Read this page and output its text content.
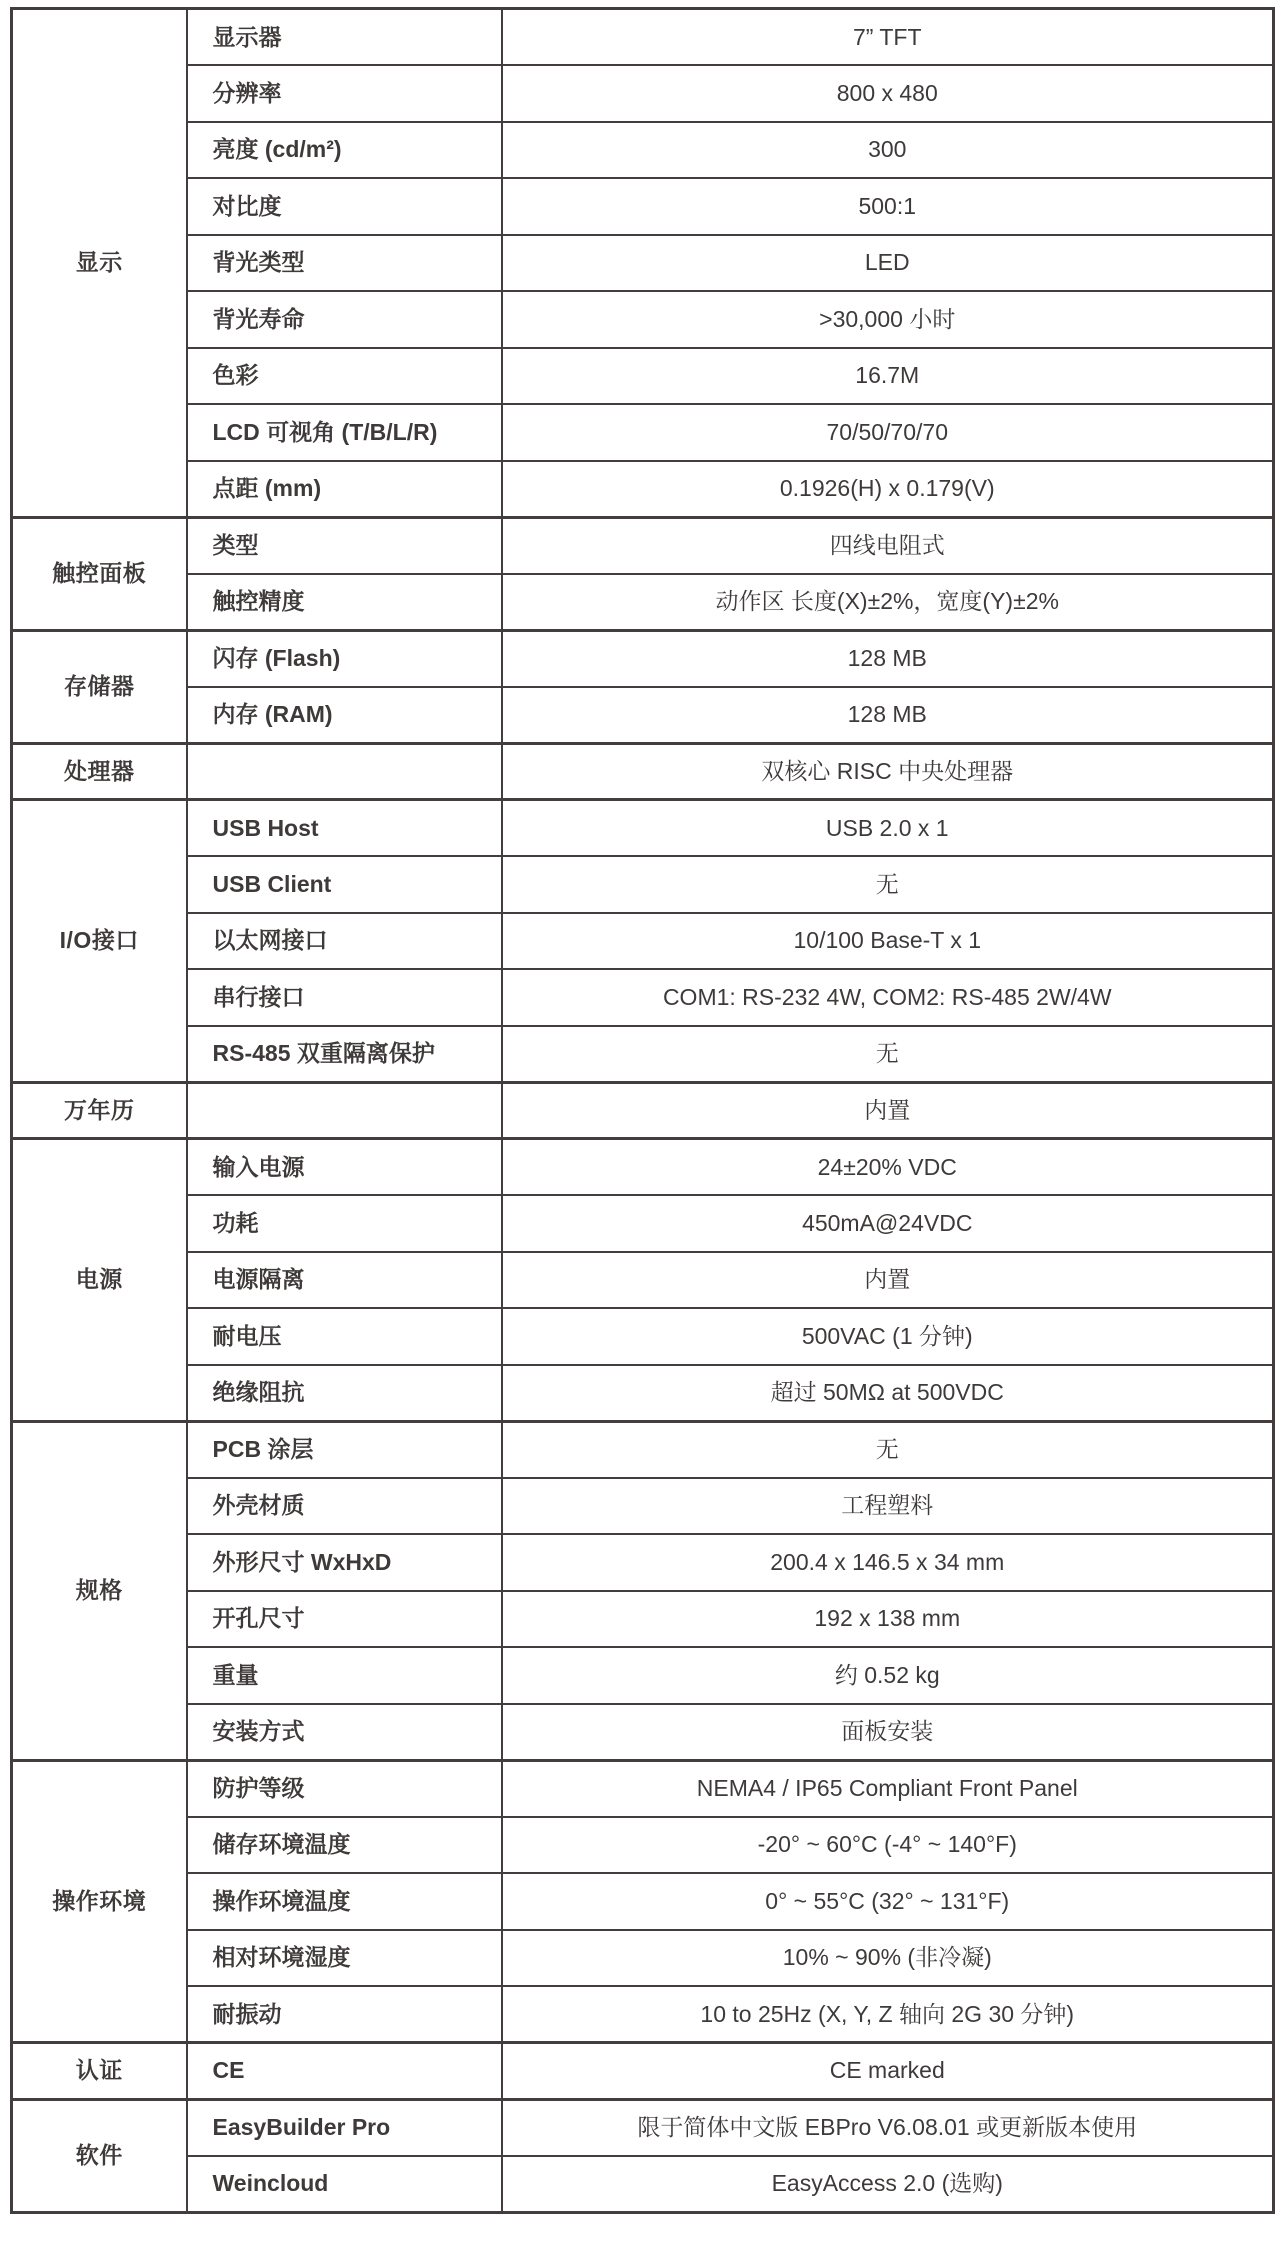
显示	显示器	7” TFT
	分辨率	800 x 480
	亮度 (cd/m²)	300
	对比度	500:1
	背光类型	LED
	背光寿命	>30,000 小时
	色彩	16.7M
	LCD 可视角 (T/B/L/R)	70/50/70/70
	点距 (mm)	0.1926(H) x 0.179(V)
触控面板	类型	四线电阻式
	触控精度	动作区 长度(X)±2%，宽度(Y)±2%
存储器	闪存 (Flash)	128 MB
	内存 (RAM)	128 MB
处理器		双核心 RISC 中央处理器
I/O接口	USB Host	USB 2.0 x 1
	USB Client	无
	以太网接口	10/100 Base-T x 1
	串行接口	COM1: RS-232 4W, COM2: RS-485 2W/4W
	RS-485 双重隔离保护	无
万年历		内置
电源	输入电源	24±20% VDC
	功耗	450mA@24VDC
	电源隔离	内置
	耐电压	500VAC (1 分钟)
	绝缘阻抗	超过 50MΩ at 500VDC
规格	PCB 涂层	无
	外壳材质	工程塑料
	外形尺寸 WxHxD	200.4 x 146.5 x 34 mm
	开孔尺寸	192 x 138 mm
	重量	约 0.52 kg
	安装方式	面板安装
操作环境	防护等级	NEMA4 / IP65 Compliant Front Panel
	储存环境温度	-20° ~ 60°C (-4° ~ 140°F)
	操作环境温度	0° ~ 55°C (32° ~ 131°F)
	相对环境湿度	10% ~ 90% (非冷凝)
	耐振动	10 to 25Hz (X, Y, Z 轴向 2G 30 分钟)
认证	CE	CE marked
软件	EasyBuilder Pro	限于简体中文版 EBPro V6.08.01 或更新版本使用
	Weincloud	EasyAccess 2.0 (选购)
